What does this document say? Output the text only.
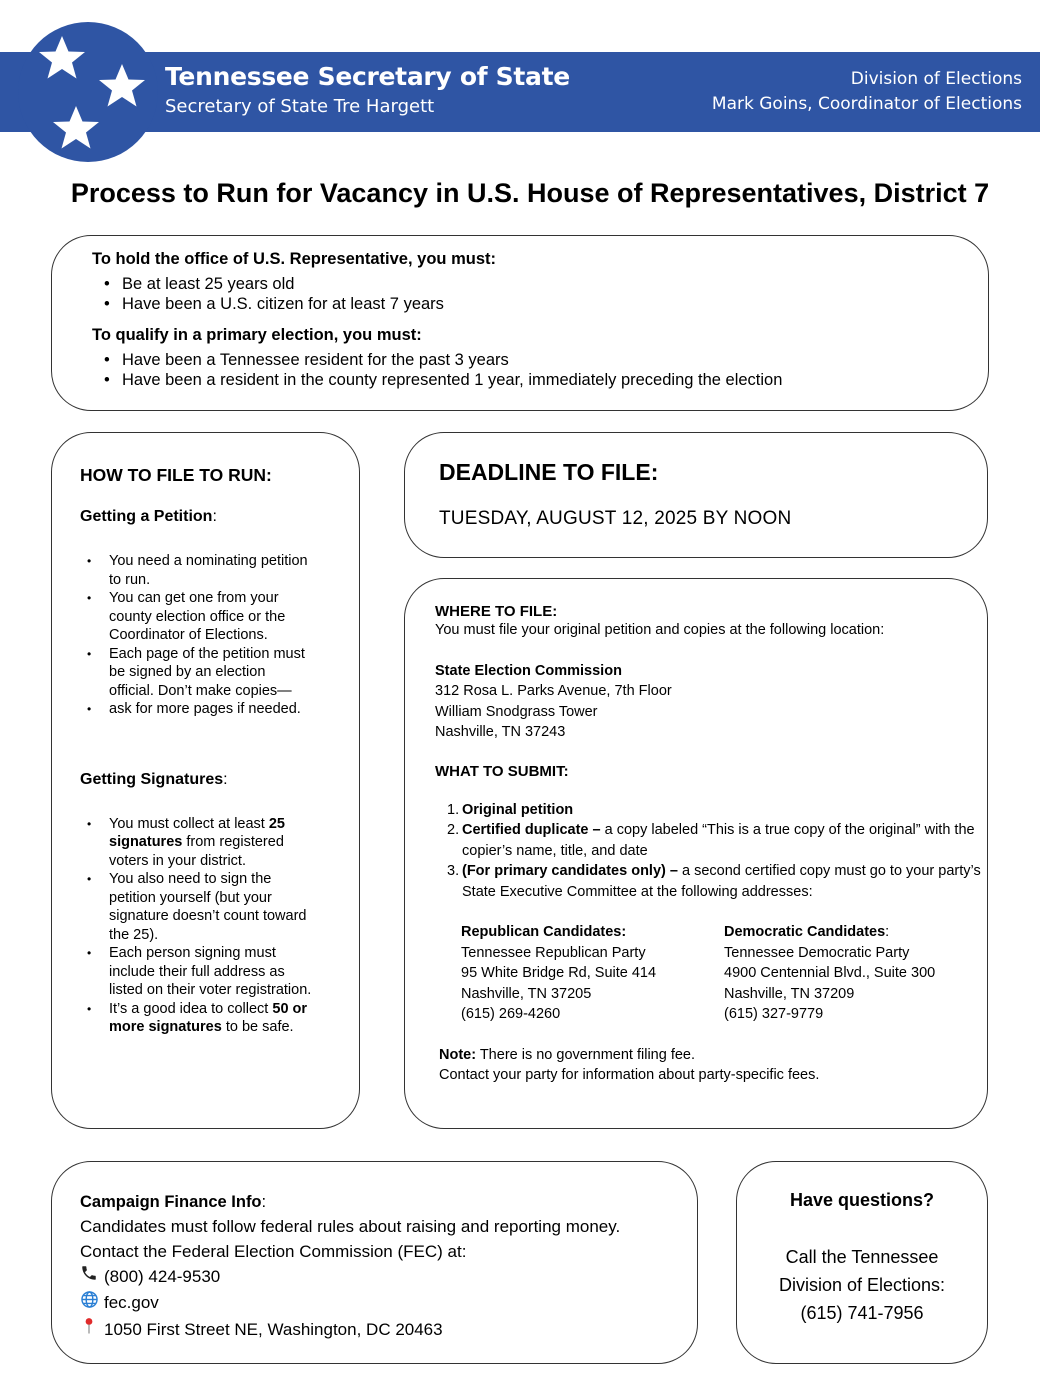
Tennessee Secretary of State
Secretary of State Tre Hargett
Division of Elections
Mark Goins, Coordinator of Elections
Process to Run for Vacancy in U.S. House of Representatives, District 7
To hold the office of U.S. Representative, you must:
• Be at least 25 years old
• Have been a U.S. citizen for at least 7 years
To qualify in a primary election, you must:
• Have been a Tennessee resident for the past 3 years
• Have been a resident in the county represented 1 year, immediately preceding the election
HOW TO FILE TO RUN:
Getting a Petition:
• You need a nominating petition to run.
• You can get one from your county election office or the Coordinator of Elections.
• Each page of the petition must be signed by an election official. Don’t make copies—
• ask for more pages if needed.
Getting Signatures:
• You must collect at least 25 signatures from registered voters in your district.
• You also need to sign the petition yourself (but your signature doesn’t count toward the 25).
• Each person signing must include their full address as listed on their voter registration.
• It’s a good idea to collect 50 or more signatures to be safe.
DEADLINE TO FILE:

TUESDAY, AUGUST 12, 2025 BY NOON

WHERE TO FILE:

You must file your original petition and copies at the following location:

State Election Commission
312 Rosa L. Parks Avenue, 7th Floor
William Snodgrass Tower
Nashville, TN 37243
WHAT TO SUBMIT:
1. Original petition
2. Certified duplicate – a copy labeled “This is a true copy of the original” with the copier’s name, title, and date
3. (For primary candidates only) – a second certified copy must go to your party’s State Executive Committee at the following addresses:
Republican Candidates:
Tennessee Republican Party
95 White Bridge Rd, Suite 414
Nashville, TN 37205
(615) 269-4260
Democratic Candidates:
Tennessee Democratic Party
4900 Centennial Blvd., Suite 300
Nashville, TN 37209
(615) 327-9779
Note: There is no government filing fee.
Contact your party for information about party-specific fees.
Campaign Finance Info:
Candidates must follow federal rules about raising and reporting money.
Contact the Federal Election Commission (FEC) at:
(800) 424-9530
fec.gov
1050 First Street NE, Washington, DC 20463
Have questions?

Call the Tennessee

Division of Elections:

(615) 741-7956
